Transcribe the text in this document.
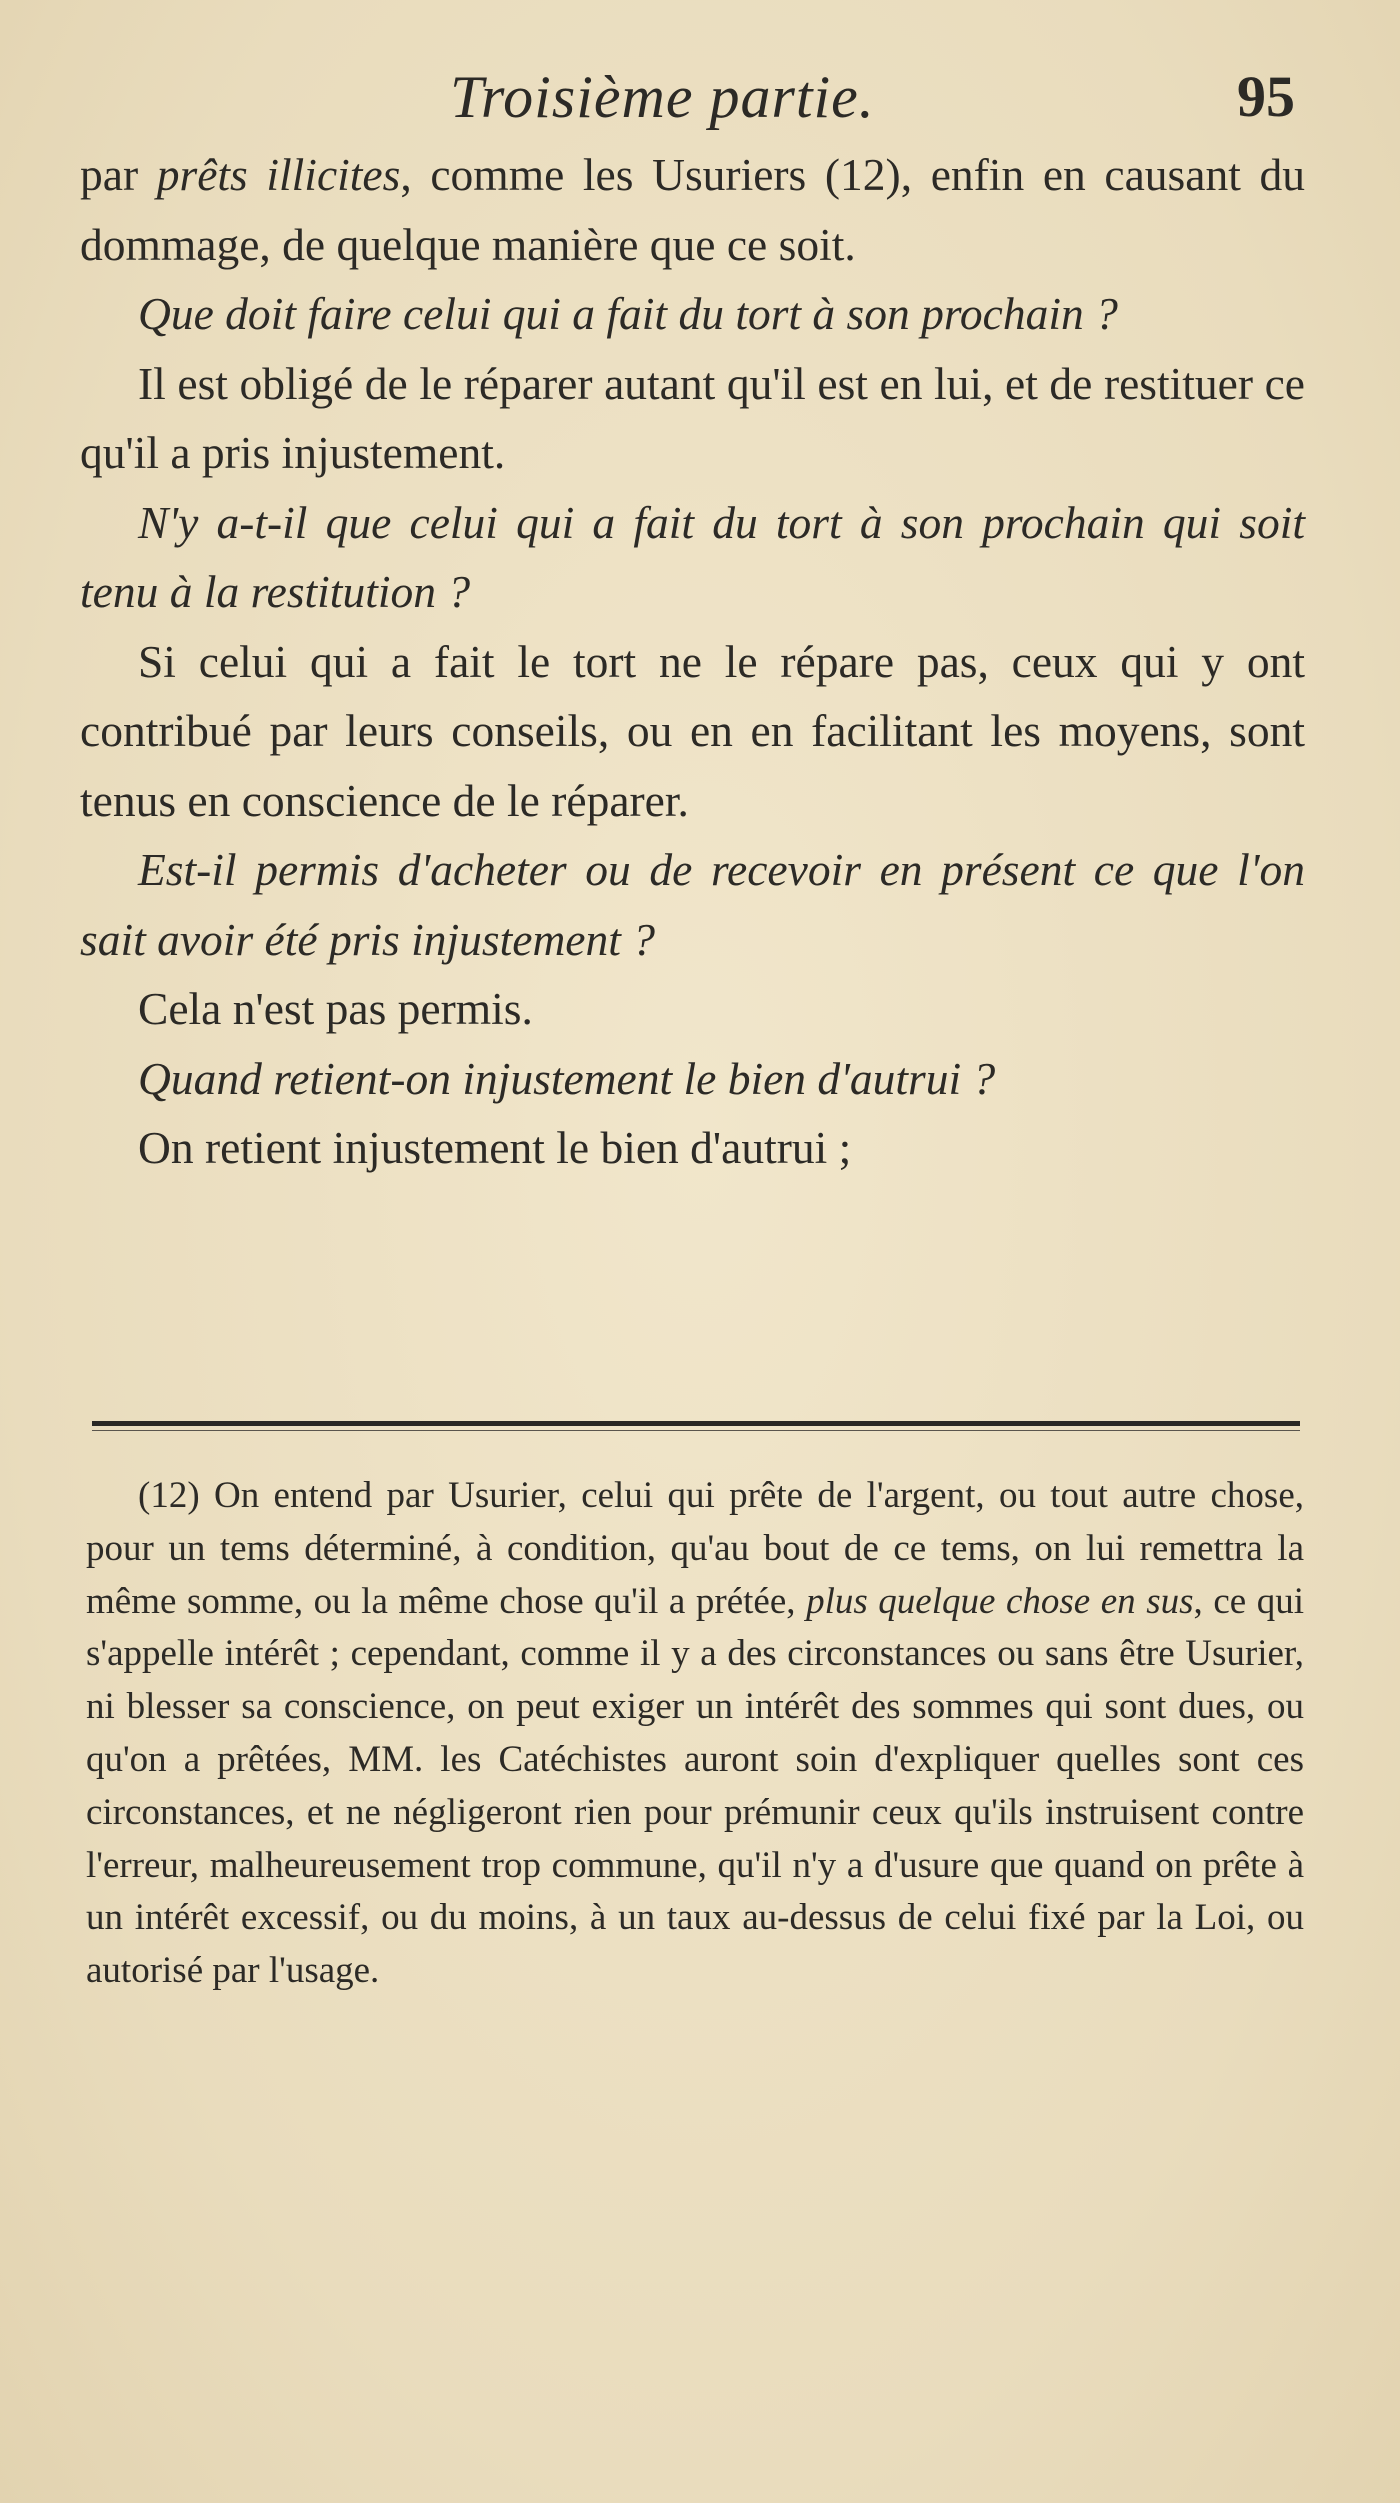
Troisième partie.	95

par prêts illicites, comme les Usuriers (12), enfin en causant du dommage, de quelque manière que ce soit.

Que doit faire celui qui a fait du tort à son prochain ?

Il est obligé de le réparer autant qu'il est en lui, et de restituer ce qu'il a pris injustement.

N'y a-t-il que celui qui a fait du tort à son prochain qui soit tenu à la restitution ?

Si celui qui a fait le tort ne le répare pas, ceux qui y ont contribué par leurs conseils, ou en en facilitant les moyens, sont tenus en conscience de le réparer.

Est-il permis d'acheter ou de recevoir en présent ce que l'on sait avoir été pris injustement ?

Cela n'est pas permis.

Quand retient-on injustement le bien d'autrui ?

On retient injustement le bien d'autrui ;

(12) On entend par Usurier, celui qui prête de l'argent, ou tout autre chose, pour un tems déterminé, à condition, qu'au bout de ce tems, on lui remettra la même somme, ou la même chose qu'il a prétée, plus quelque chose en sus, ce qui s'appelle intérêt ; cependant, comme il y a des circonstances ou sans être Usurier, ni blesser sa conscience, on peut exiger un intérêt des sommes qui sont dues, ou qu'on a prêtées, MM. les Catéchistes auront soin d'expliquer quelles sont ces circonstances, et ne négligeront rien pour prémunir ceux qu'ils instruisent contre l'erreur, malheureusement trop commune, qu'il n'y a d'usure que quand on prête à un intérêt excessif, ou du moins, à un taux au-dessus de celui fixé par la Loi, ou autorisé par l'usage.
